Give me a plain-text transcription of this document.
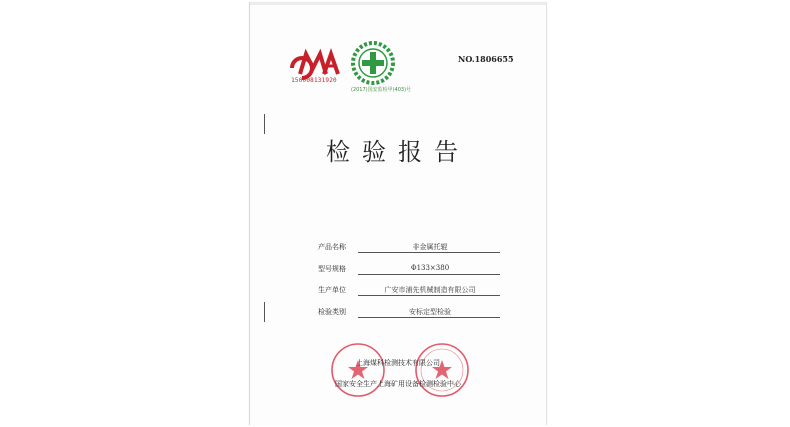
150008131920
(2017)国安监检甲(403)号
NO.1806655
检验报告
产品名称	非金属托辊
型号规格	Φ133×380
生产单位	广安市浦先机械制造有限公司
检验类别	安标定型检验
上海煤科检测技术有限公司
国家安全生产上海矿用设备检测检验中心
